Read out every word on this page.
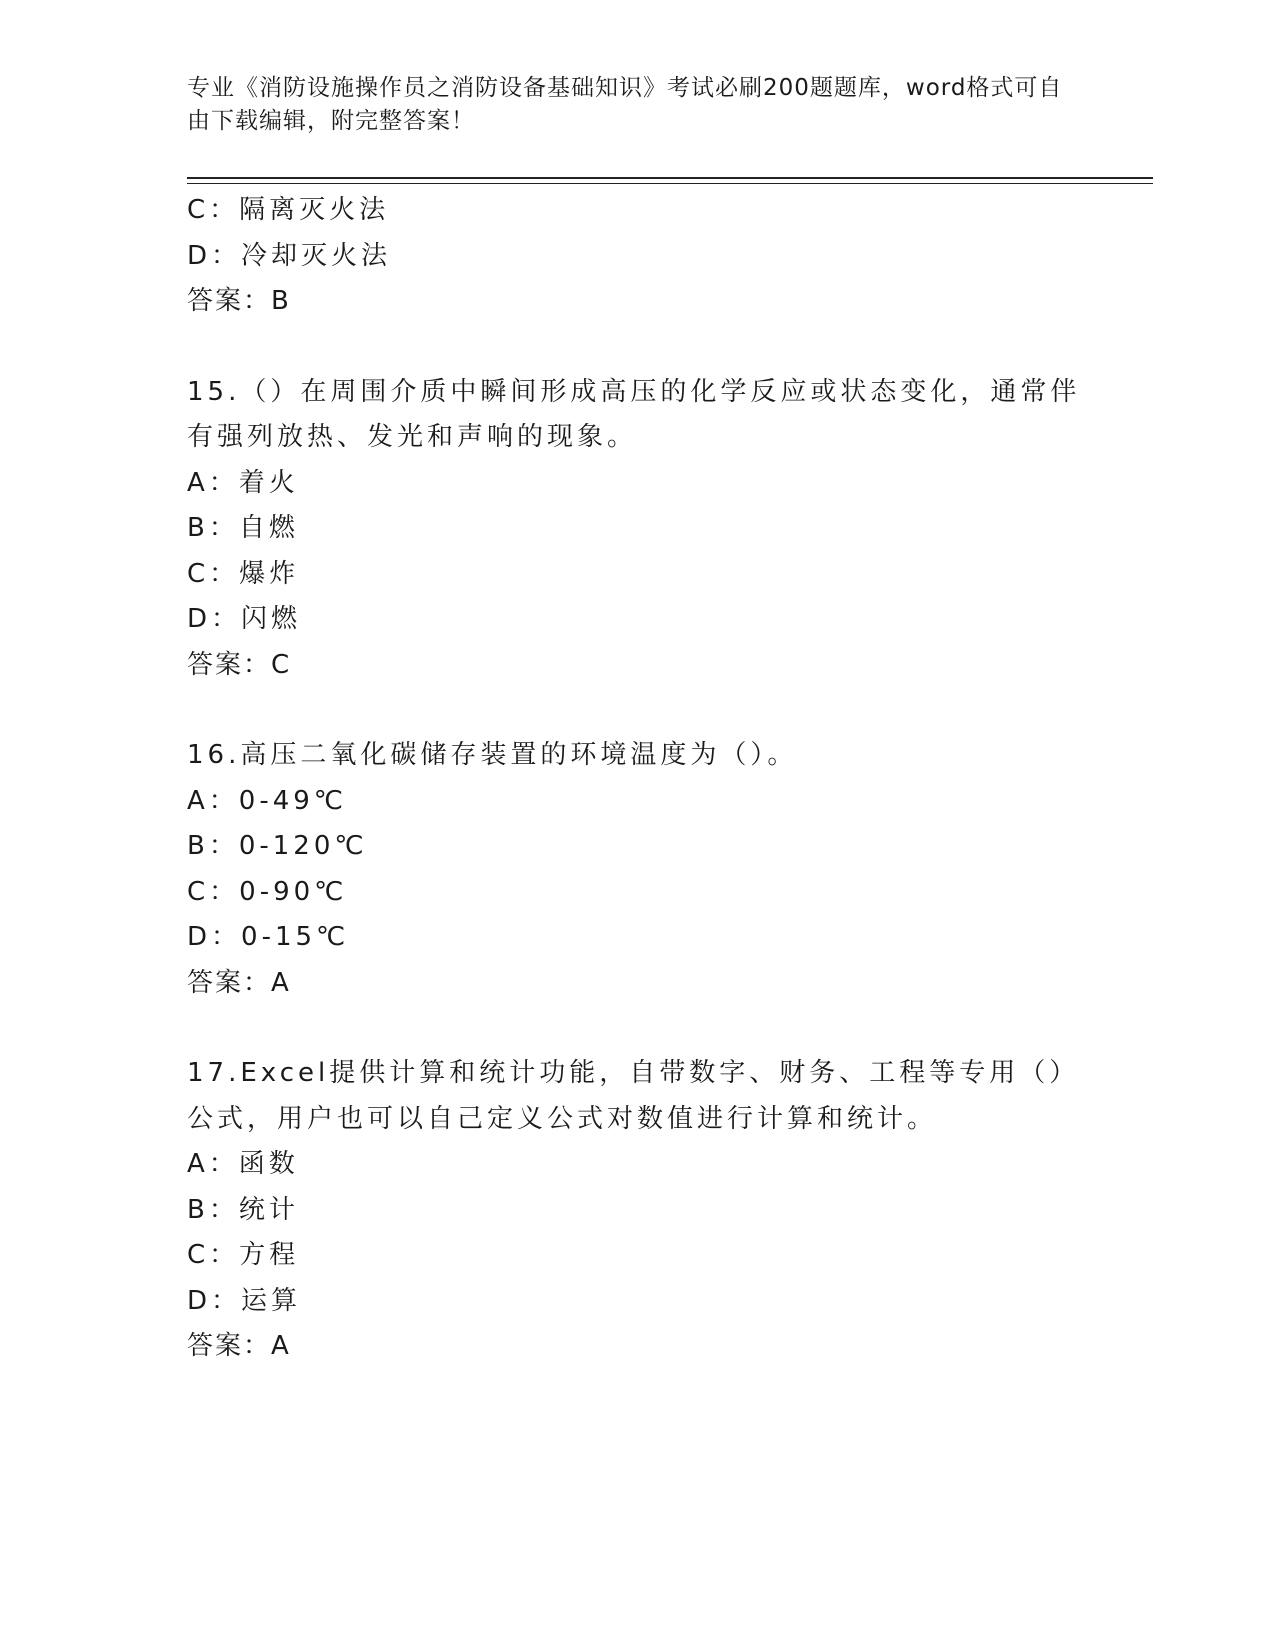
专业《消防设施操作员之消防设备基础知识》考试必刷200题题库，word格式可自由下载编辑，附完整答案！
C：隔离灭火法
D：冷却灭火法
答案：B
15.（）在周围介质中瞬间形成高压的化学反应或状态变化，通常伴有强列放热、发光和声响的现象。
A：着火
B：自燃
C：爆炸
D：闪燃
答案：C
16.高压二氧化碳储存装置的环境温度为（）。
A：0-49℃
B：0-120℃
C：0-90℃
D：0-15℃
答案：A
17.Excel提供计算和统计功能，自带数字、财务、工程等专用（）公式，用户也可以自己定义公式对数值进行计算和统计。
A：函数
B：统计
C：方程
D：运算
答案：A
